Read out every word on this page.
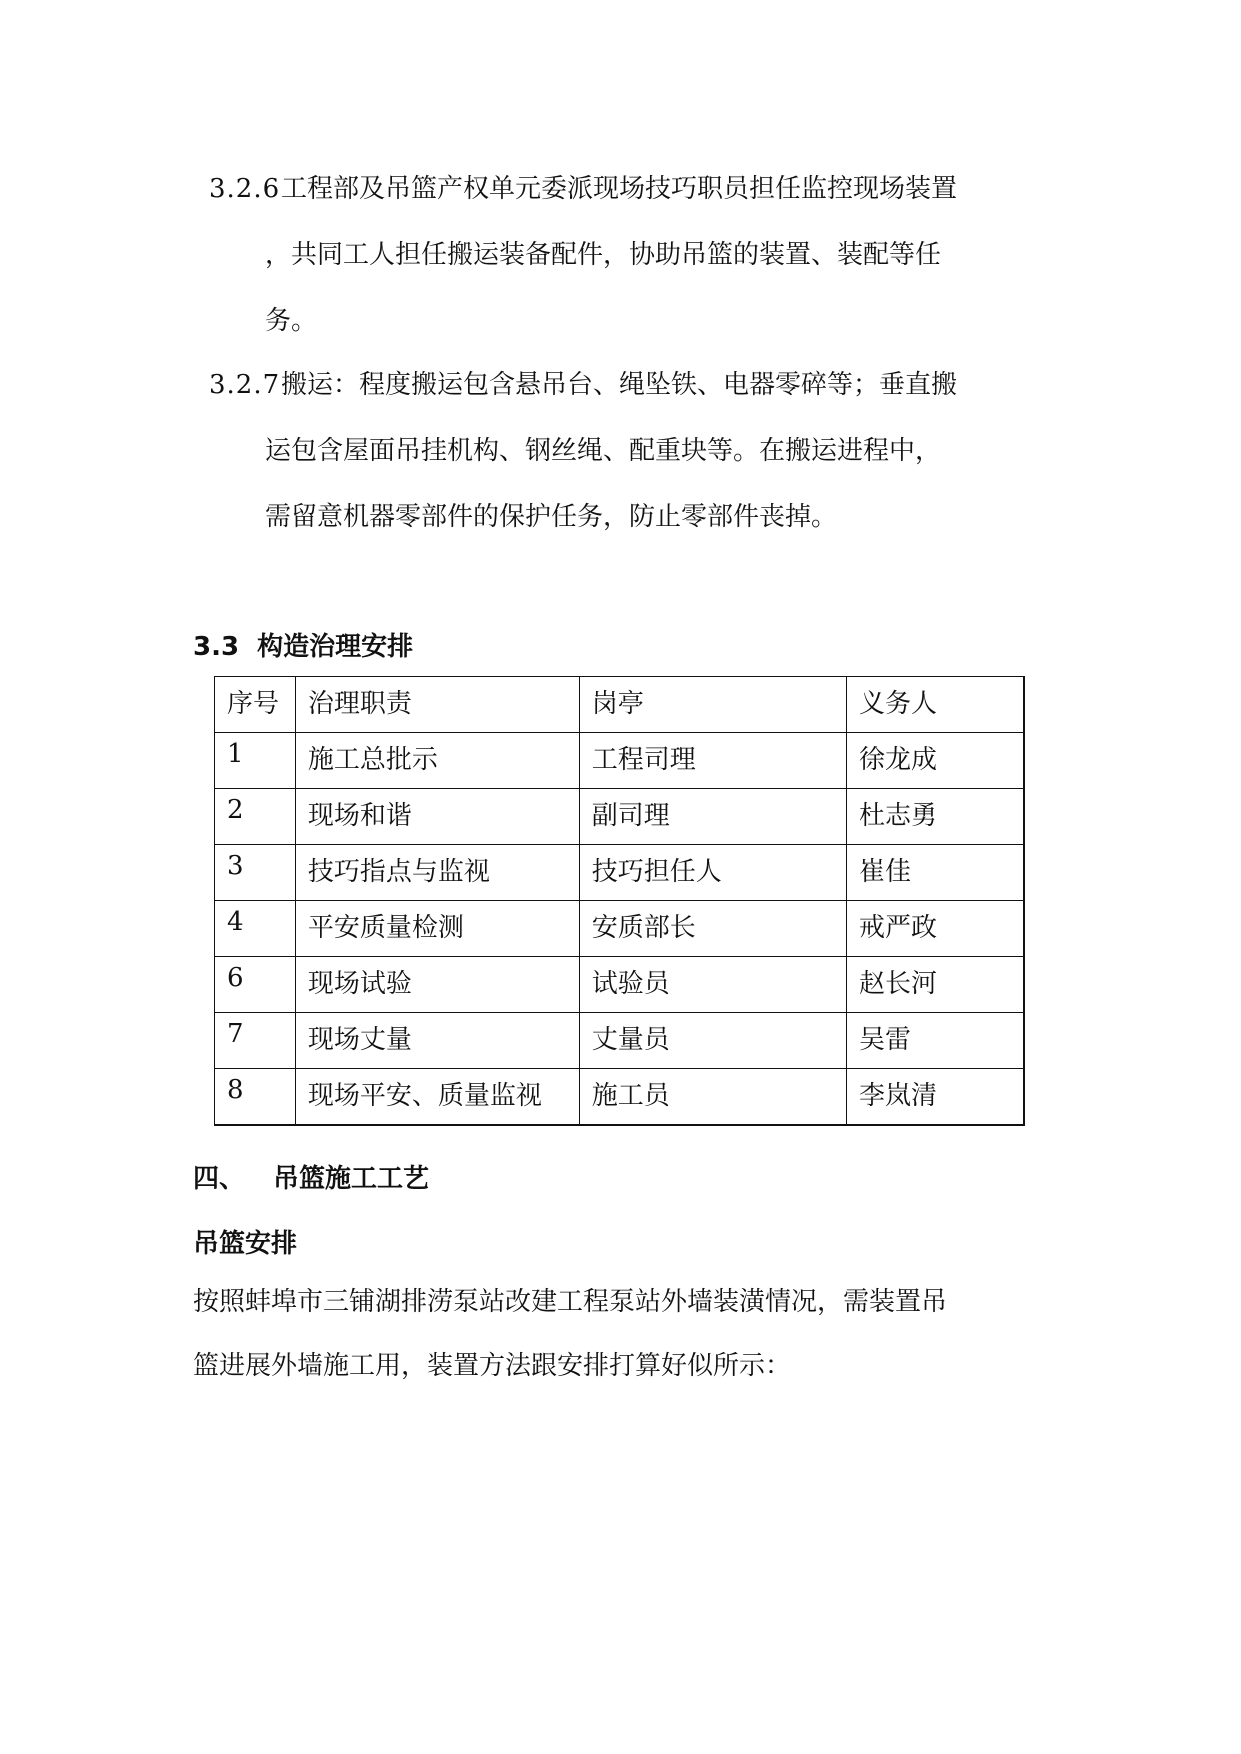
3.2.6工程部及吊篮产权单元委派现场技巧职员担任监控现场装置
，共同工人担任搬运装备配件，协助吊篮的装置、装配等任
务。
3.2.7搬运：程度搬运包含悬吊台、绳坠铁、电器零碎等；垂直搬
运包含屋面吊挂机构、钢丝绳、配重块等。在搬运进程中，
需留意机器零部件的保护任务，防止零部件丧掉。
3.3 构造治理安排
序号	治理职责	岗亭	义务人
1	施工总批示	工程司理	徐龙成
2	现场和谐	副司理	杜志勇
3	技巧指点与监视	技巧担任人	崔佳
4	平安质量检测	安质部长	戒严政
6	现场试验	试验员	赵长河
7	现场丈量	丈量员	吴雷
8	现场平安、质量监视	施工员	李岚清
四、 吊篮施工工艺
吊篮安排
按照蚌埠市三铺湖排涝泵站改建工程泵站外墙装潢情况，需装置吊
篮进展外墙施工用，装置方法跟安排打算好似所示：
